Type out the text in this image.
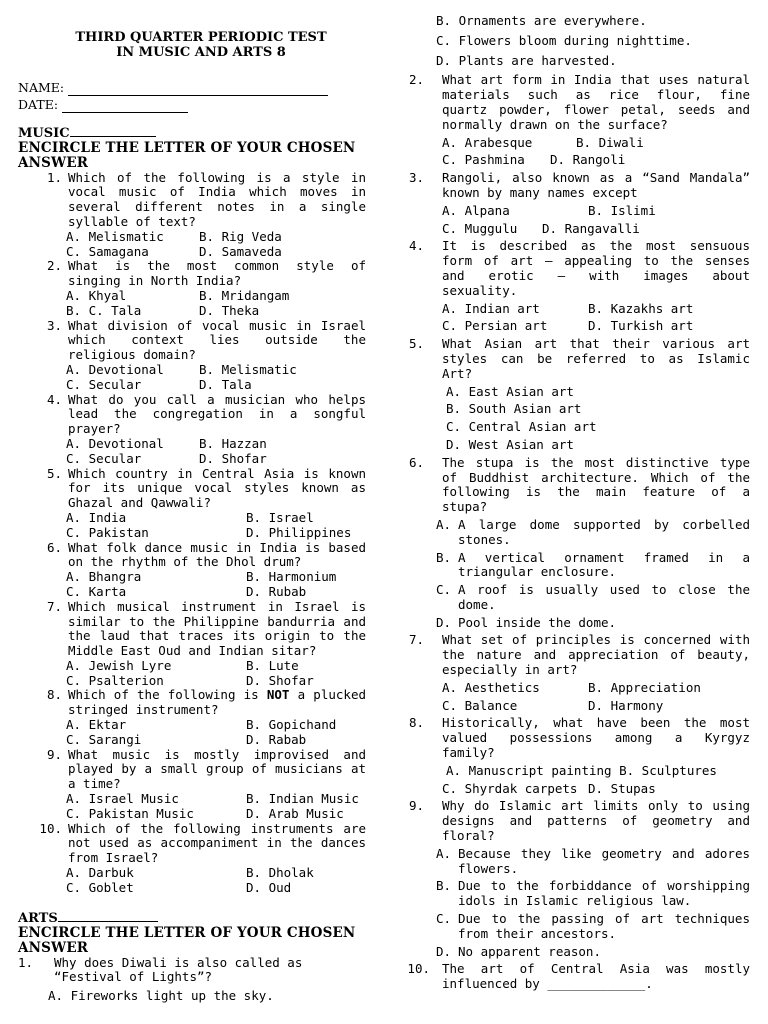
THIRD QUARTER PERIODIC TEST
IN MUSIC AND ARTS 8
NAME:
DATE:
MUSIC
ENCIRCLE THE LETTER OF YOUR CHOSEN ANSWER
1. Which of the following is a style in vocal music of India which moves in several different notes in a single syllable of text?
A. Melismatic	B. Rig Veda
C. Samagana	D. Samaveda
2. What is the most common style of singing in North India?
A. Khyal	B. Mridangam
B. C. Tala	D. Theka
3. What division of vocal music in Israel which context lies outside the religious domain?
A. Devotional	B. Melismatic
C. Secular	D. Tala
4. What do you call a musician who helps lead the congregation in a songful prayer?
A. Devotional	B. Hazzan
C. Secular	D. Shofar
5. Which country in Central Asia is known for its unique vocal styles known as Ghazal and Qawwali?
A. India	B. Israel
C. Pakistan	D. Philippines
6. What folk dance music in India is based on the rhythm of the Dhol drum?
A. Bhangra	B. Harmonium
C. Karta	D. Rubab
7. Which musical instrument in Israel is similar to the Philippine bandurria and the laud that traces its origin to the Middle East Oud and Indian sitar?
A. Jewish Lyre	B. Lute
C. Psalterion	D. Shofar
8. Which of the following is NOT a plucked stringed instrument?
A. Ektar	B. Gopichand
C. Sarangi	D. Rabab
9. What music is mostly improvised and played by a small group of musicians at a time?
A. Israel Music	B. Indian Music
C. Pakistan Music	D. Arab Music
10. Which of the following instruments are not used as accompaniment in the dances from Israel?
A. Darbuk	B. Dholak
C. Goblet	D. Oud
ARTS
ENCIRCLE THE LETTER OF YOUR CHOSEN ANSWER
1.	Why does Diwali is also called as “Festival of Lights”?
A. Fireworks light up the sky.
B. Ornaments are everywhere.
C. Flowers bloom during nighttime.
D. Plants are harvested.
2.	What art form in India that uses natural materials such as rice flour, fine quartz powder, flower petal, seeds and normally drawn on the surface?
A. Arabesque	B. Diwali
C. Pashmina	D. Rangoli
3.	Rangoli, also known as a “Sand Mandala” known by many names except
A. Alpana	B. Islimi
C. Muggulu	D. Rangavalli
4.	It is described as the most sensuous form of art – appealing to the senses and erotic – with images about sexuality.
A. Indian art	B. Kazakhs art
C. Persian art	D. Turkish art
5.	What Asian art that their various art styles can be referred to as Islamic Art?
A. East Asian art
B. South Asian art
C. Central Asian art
D. West Asian art
6.	The stupa is the most distinctive type of Buddhist architecture. Which of the following is the main feature of a stupa?
A. A large dome supported by corbelled stones.
B. A vertical ornament framed in a triangular enclosure.
C. A roof is usually used to close the dome.
D. Pool inside the dome.
7.	What set of principles is concerned with the nature and appreciation of beauty, especially in art?
A. Aesthetics	B. Appreciation
C. Balance	D. Harmony
8.	Historically, what have been the most valued possessions among a Kyrgyz family?
A. Manuscript painting B. Sculptures
C. Shyrdak carpets D. Stupas
9.	Why do Islamic art limits only to using designs and patterns of geometry and floral?
A. Because they like geometry and adores flowers.
B. Due to the forbiddance of worshipping idols in Islamic religious law.
C. Due to the passing of art techniques from their ancestors.
D. No apparent reason.
10. The art of Central Asia was mostly influenced by _____________.
